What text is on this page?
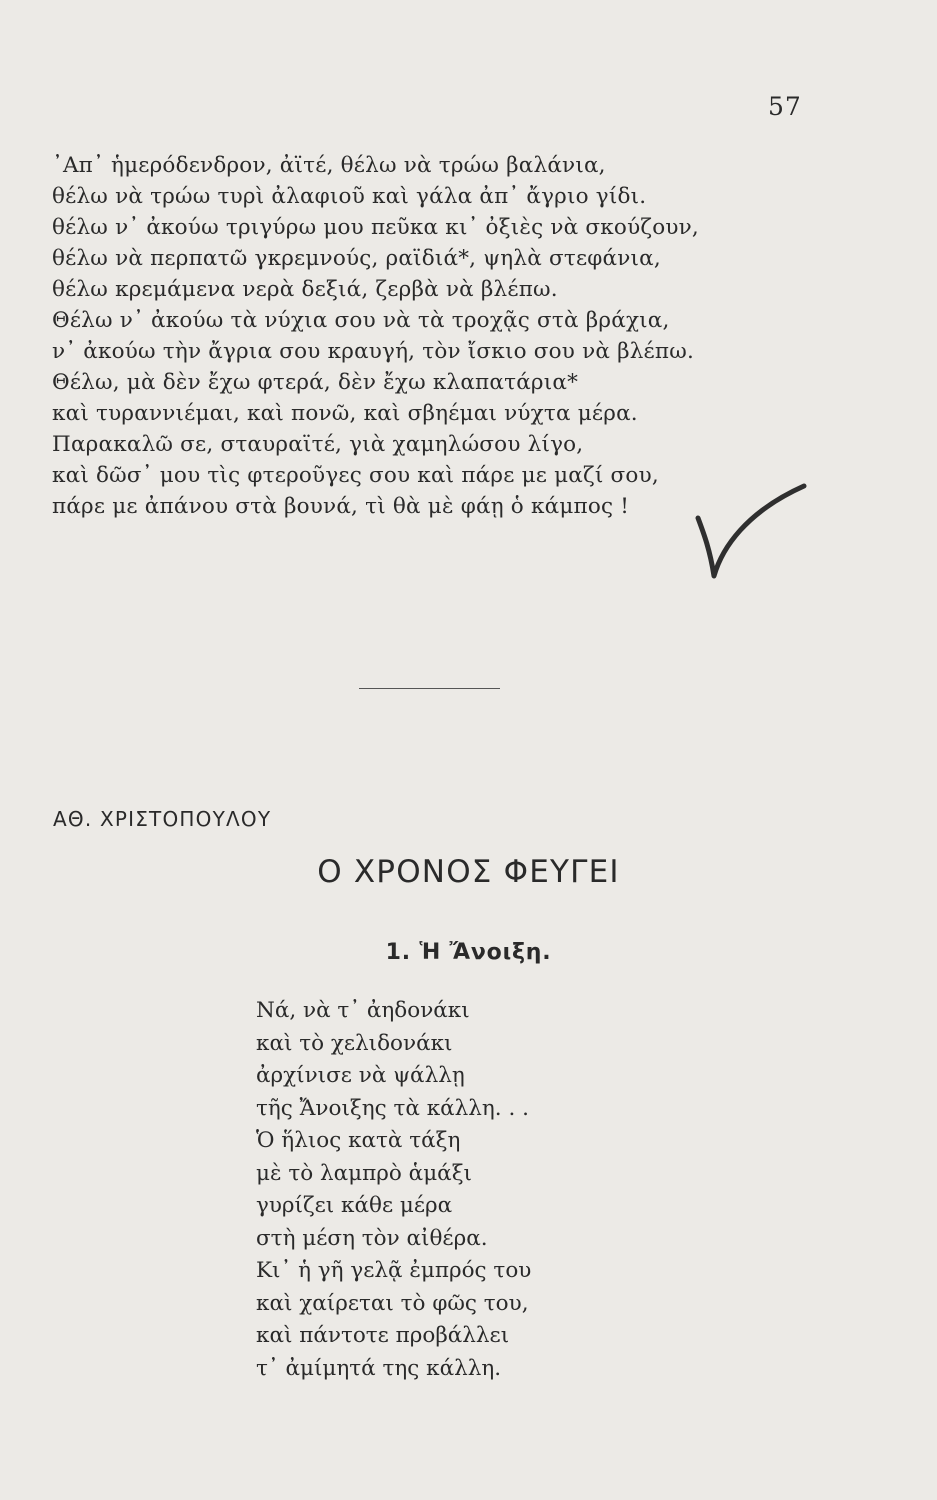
57
᾿Απ᾿ ἡμερόδενδρον, ἀϊτέ, θέλω νὰ τρώω βαλάνια,
θέλω νὰ τρώω τυρὶ ἀλαφιοῦ καὶ γάλα ἀπ᾿ ἄγριο γίδι.
θέλω ν᾿ ἀκούω τριγύρω μου πεῦκα κι᾿ ὀξιὲς νὰ σκούζουν,
θέλω νὰ περπατῶ γκρεμνούς, ραϊδιά*, ψηλὰ στεφάνια,
θέλω κρεμάμενα νερὰ δεξιά, ζερβὰ νὰ βλέπω.
Θέλω ν᾿ ἀκούω τὰ νύχια σου νὰ τὰ τροχᾷς στὰ βράχια,
ν᾿ ἀκούω τὴν ἄγρια σου κραυγή, τὸν ἴσκιο σου νὰ βλέπω.
Θέλω, μὰ δὲν ἔχω φτερά, δὲν ἔχω κλαπατάρια*
καὶ τυραννιέμαι, καὶ πονῶ, καὶ σβηέμαι νύχτα μέρα.
Παρακαλῶ σε, σταυραϊτέ, γιὰ χαμηλώσου λίγο,
καὶ δῶσ᾿ μου τὶς φτεροῦγες σου καὶ πάρε με μαζί σου,
πάρε με ἀπάνου στὰ βουνά, τὶ θὰ μὲ φάῃ ὁ κάμπος !
ΑΘ. ΧΡΙΣΤΟΠΟΥΛΟΥ
Ο ΧΡΟΝΟΣ ΦΕΥΓΕΙ
1. Ἡ Ἄνοιξη.
Νά, νὰ τ᾿ ἀηδονάκι
καὶ τὸ χελιδονάκι
ἀρχίνισε νὰ ψάλλῃ
τῆς Ἄνοιξης τὰ κάλλη. . .
Ὁ ἥλιος κατὰ τάξη
μὲ τὸ λαμπρὸ ἁμάξι
γυρίζει κάθε μέρα
στὴ μέση τὸν αἰθέρα.
Κι᾿ ἡ γῆ γελᾷ ἐμπρός του
καὶ χαίρεται τὸ φῶς του,
καὶ πάντοτε προβάλλει
τ᾿ ἀμίμητά της κάλλη.
